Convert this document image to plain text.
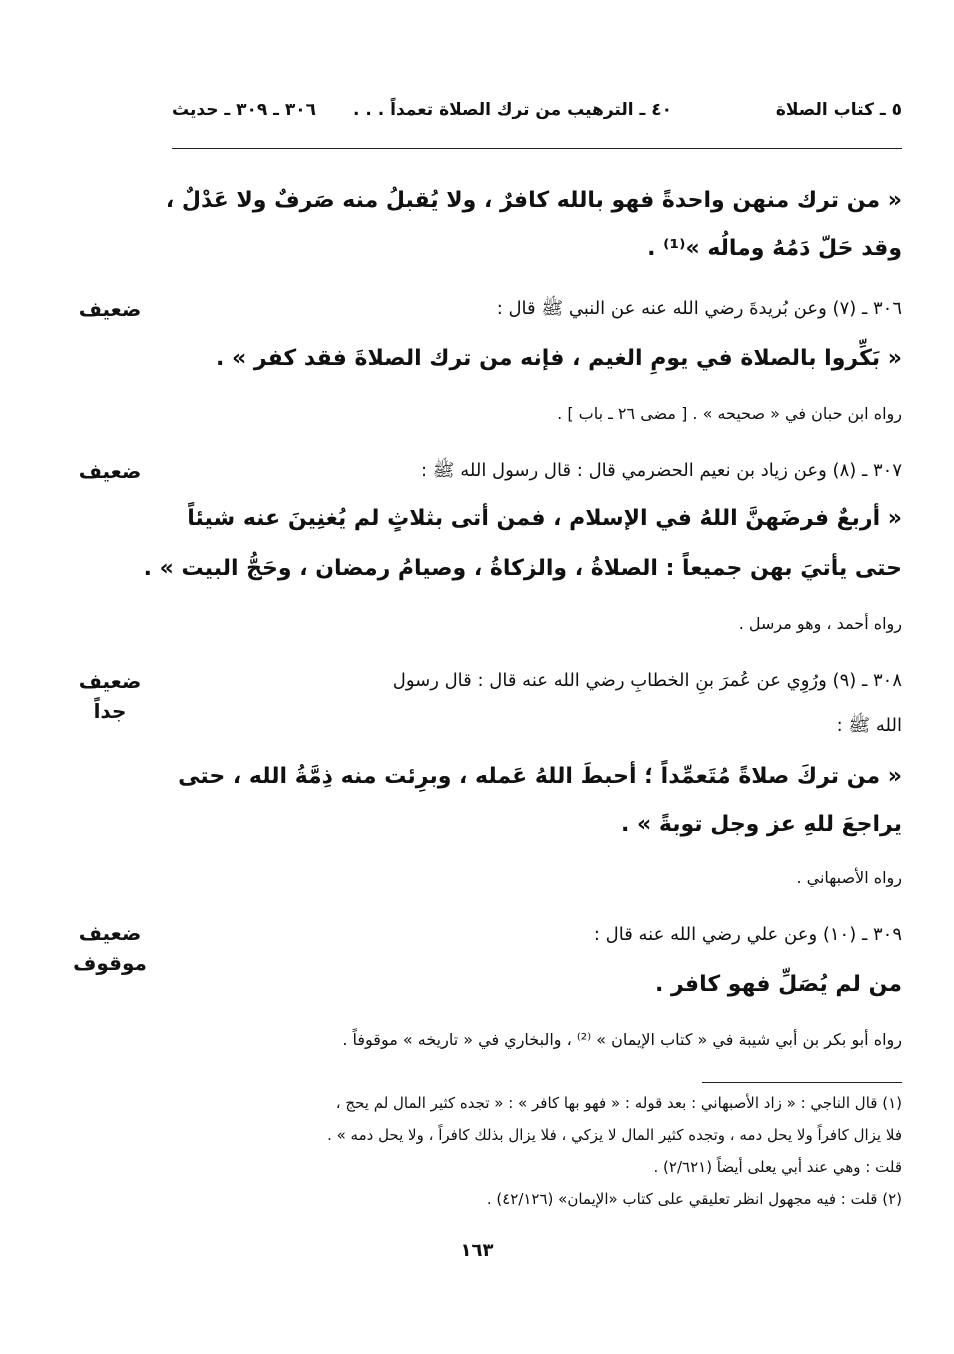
٥ ـ كتاب الصلاة
٤٠ ـ الترهيب من ترك الصلاة تعمداً . . .
٣٠٦ ـ ٣٠٩ ـ حديث
« من ترك منهن واحدةً فهو بالله كافرٌ ، ولا يُقبلُ منه صَرفٌ ولا عَدْلٌ ،
وقد حَلّ دَمُهُ ومالُه »⁽¹⁾ .
ضعيف	٣٠٦ ـ (٧) وعن بُريدةَ رضي الله عنه عن النبي ﷺ قال :
« بَكِّروا بالصلاة في يومِ الغيم ، فإنه من ترك الصلاةَ فقد كفر » .
رواه ابن حبان في « صحيحه » . [ مضى ٢٦ ـ باب ] .
ضعيف	٣٠٧ ـ (٨) وعن زياد بن نعيم الحضرمي قال : قال رسول الله ﷺ :
« أربعٌ فرضَهنَّ اللهُ في الإسلام ، فمن أتى بثلاثٍ لم يُغنِينَ عنه شيئاً
حتى يأتيَ بهن جميعاً : الصلاةُ ، والزكاةُ ، وصيامُ رمضان ، وحَجُّ البيت » .
رواه أحمد ، وهو مرسل .
ضعيف
جداً
٣٠٨ ـ (٩) ورُوِي عن عُمرَ بنِ الخطابِ رضي الله عنه قال : قال رسول
الله ﷺ :
« من تركَ صلاةً مُتَعمِّداً ؛ أحبطَ اللهُ عَمله ، وبرِئت منه ذِمَّةُ الله ، حتى
يراجعَ للهِ عز وجل توبةً » .
رواه الأصبهاني .
ضعيف
موقوف
٣٠٩ ـ (١٠) وعن علي رضي الله عنه قال :
من لم يُصَلِّ فهو كافر .
رواه أبو بكر بن أبي شيبة في « كتاب الإيمان » ⁽²⁾ ، والبخاري في « تاريخه » موقوفاً .
(١) قال الناجي : « زاد الأصبهاني : بعد قوله : « فهو بها كافر » : « تجده كثير المال لم يحج ،
فلا يزال كافراً ولا يحل دمه ، وتجده كثير المال لا يزكي ، فلا يزال بذلك كافراً ، ولا يحل دمه » .
قلت : وهي عند أبي يعلى أيضاً (٢/٦٢١) .
(٢) قلت : فيه مجهول انظر تعليقي على كتاب «الإيمان» (٤٢/١٢٦) .
١٦٣
